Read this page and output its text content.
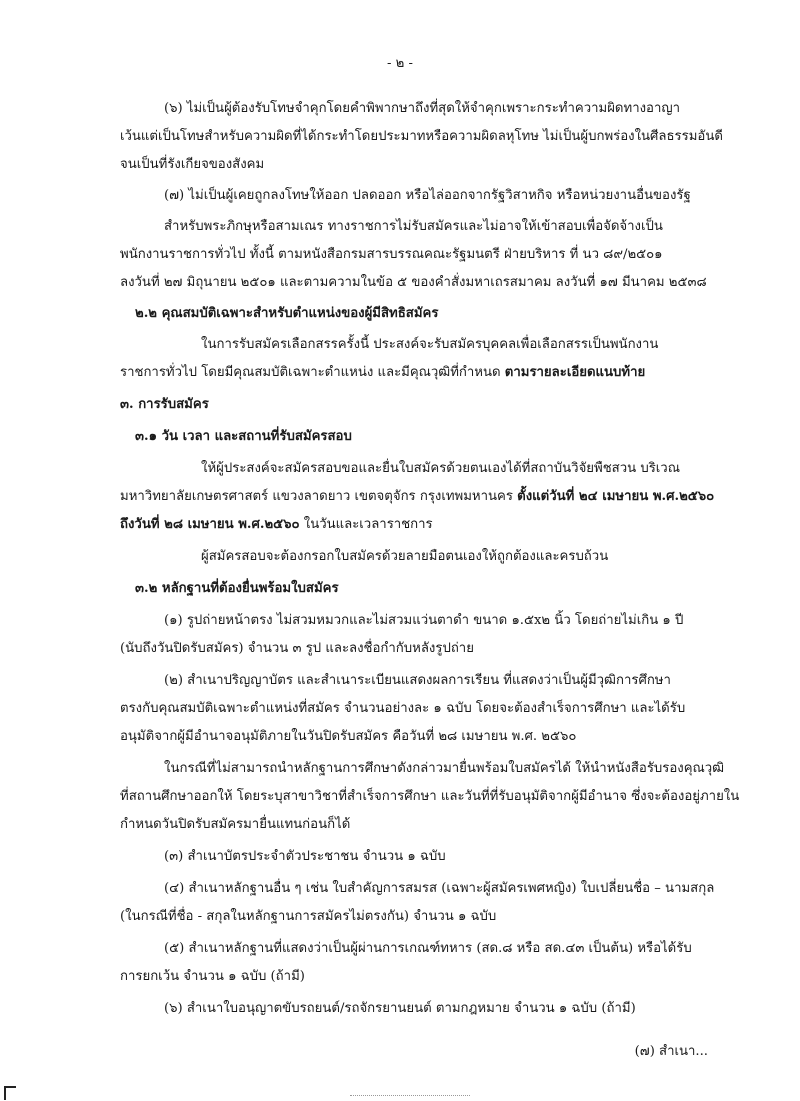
- ๒ -
(๖) ไม่เป็นผู้ต้องรับโทษจำคุกโดยคำพิพากษาถึงที่สุดให้จำคุกเพราะกระทำความผิดทางอาญา
เว้นแต่เป็นโทษสำหรับความผิดที่ได้กระทำโดยประมาทหรือความผิดลหุโทษ ไม่เป็นผู้บกพร่องในศีลธรรมอันดี
จนเป็นที่รังเกียจของสังคม
(๗) ไม่เป็นผู้เคยถูกลงโทษให้ออก ปลดออก หรือไล่ออกจากรัฐวิสาหกิจ หรือหน่วยงานอื่นของรัฐ
สำหรับพระภิกษุหรือสามเณร ทางราชการไม่รับสมัครและไม่อาจให้เข้าสอบเพื่อจัดจ้างเป็น
พนักงานราชการทั่วไป ทั้งนี้ ตามหนังสือกรมสารบรรณคณะรัฐมนตรี ฝ่ายบริหาร ที่ นว ๘๙/๒๕๐๑
ลงวันที่ ๒๗ มิถุนายน ๒๕๐๑ และตามความในข้อ ๕ ของคำสั่งมหาเถรสมาคม ลงวันที่ ๑๗ มีนาคม ๒๕๓๘
๒.๒ คุณสมบัติเฉพาะสำหรับตำแหน่งของผู้มีสิทธิสมัคร
ในการรับสมัครเลือกสรรครั้งนี้ ประสงค์จะรับสมัครบุคคลเพื่อเลือกสรรเป็นพนักงาน
ราชการทั่วไป โดยมีคุณสมบัติเฉพาะตำแหน่ง และมีคุณวุฒิที่กำหนด ตามรายละเอียดแนบท้าย
๓. การรับสมัคร
๓.๑ วัน เวลา และสถานที่รับสมัครสอบ
ให้ผู้ประสงค์จะสมัครสอบขอและยื่นใบสมัครด้วยตนเองได้ที่สถาบันวิจัยพืชสวน บริเวณ
มหาวิทยาลัยเกษตรศาสตร์ แขวงลาดยาว เขตจตุจักร กรุงเทพมหานคร ตั้งแต่วันที่ ๒๔ เมษายน พ.ศ.๒๕๖๐
ถึงวันที่ ๒๘ เมษายน พ.ศ.๒๕๖๐ ในวันและเวลาราชการ
ผู้สมัครสอบจะต้องกรอกใบสมัครด้วยลายมือตนเองให้ถูกต้องและครบถ้วน
๓.๒ หลักฐานที่ต้องยื่นพร้อมใบสมัคร
(๑) รูปถ่ายหน้าตรง ไม่สวมหมวกและไม่สวมแว่นตาดำ ขนาด ๑.๕x๒ นิ้ว โดยถ่ายไม่เกิน ๑ ปี
(นับถึงวันปิดรับสมัคร) จำนวน ๓ รูป และลงชื่อกำกับหลังรูปถ่าย
(๒) สำเนาปริญญาบัตร และสำเนาระเบียนแสดงผลการเรียน ที่แสดงว่าเป็นผู้มีวุฒิการศึกษา
ตรงกับคุณสมบัติเฉพาะตำแหน่งที่สมัคร จำนวนอย่างละ ๑ ฉบับ โดยจะต้องสำเร็จการศึกษา และได้รับ
อนุมัติจากผู้มีอำนาจอนุมัติภายในวันปิดรับสมัคร คือวันที่ ๒๘ เมษายน พ.ศ. ๒๕๖๐
ในกรณีที่ไม่สามารถนำหลักฐานการศึกษาดังกล่าวมายื่นพร้อมใบสมัครได้ ให้นำหนังสือรับรองคุณวุฒิ
ที่สถานศึกษาออกให้ โดยระบุสาขาวิชาที่สำเร็จการศึกษา และวันที่ที่รับอนุมัติจากผู้มีอำนาจ ซึ่งจะต้องอยู่ภายใน
กำหนดวันปิดรับสมัครมายื่นแทนก่อนก็ได้
(๓) สำเนาบัตรประจำตัวประชาชน จำนวน ๑ ฉบับ
(๔) สำเนาหลักฐานอื่น ๆ เช่น ใบสำคัญการสมรส (เฉพาะผู้สมัครเพศหญิง) ใบเปลี่ยนชื่อ – นามสกุล
(ในกรณีที่ชื่อ - สกุลในหลักฐานการสมัครไม่ตรงกัน) จำนวน ๑ ฉบับ
(๕) สำเนาหลักฐานที่แสดงว่าเป็นผู้ผ่านการเกณฑ์ทหาร (สด.๘ หรือ สด.๔๓ เป็นต้น) หรือได้รับ
การยกเว้น จำนวน ๑ ฉบับ (ถ้ามี)
(๖) สำเนาใบอนุญาตขับรถยนต์/รถจักรยานยนต์ ตามกฎหมาย จำนวน ๑ ฉบับ (ถ้ามี)
(๗) สำเนา...
